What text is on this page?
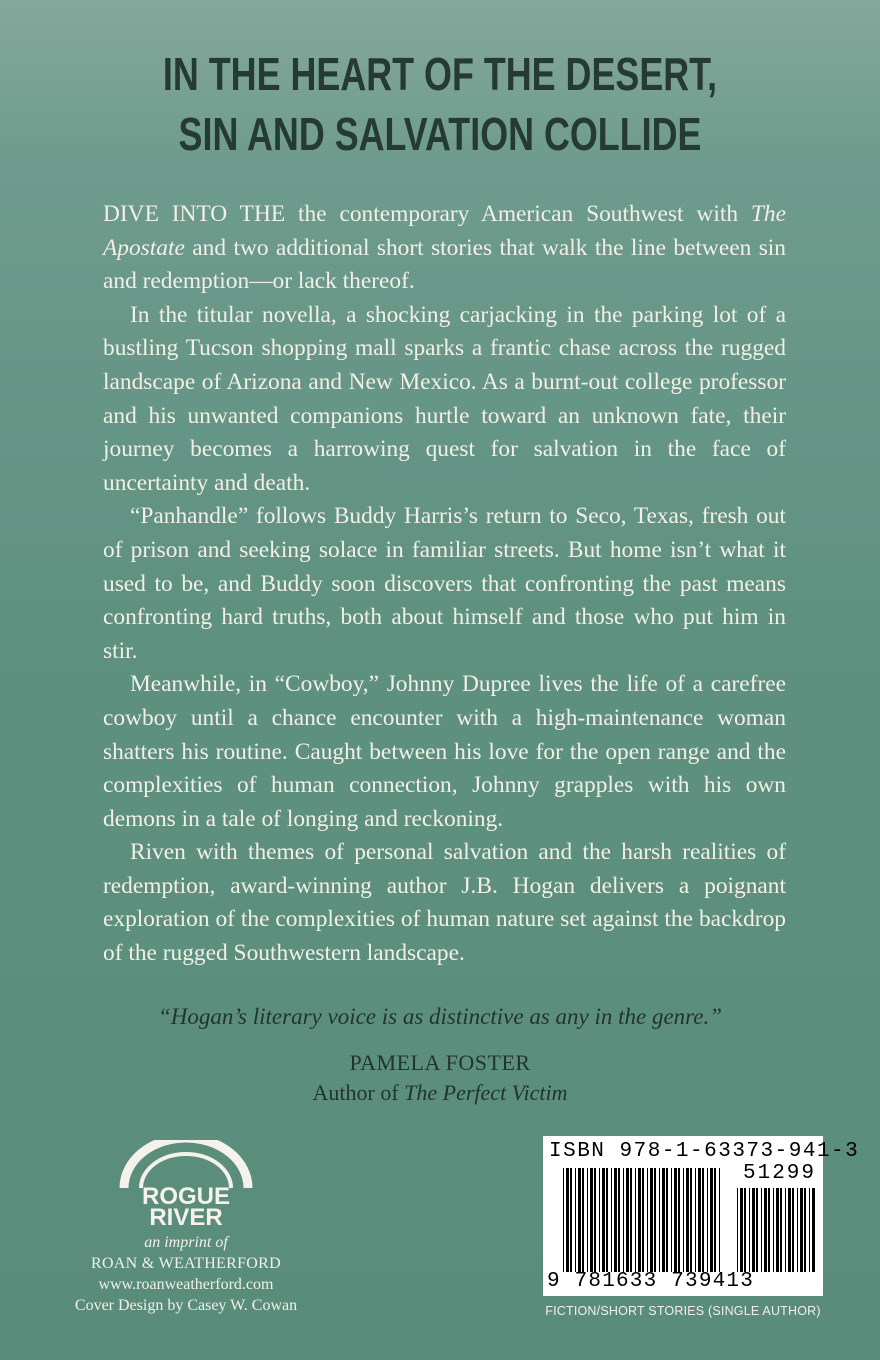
IN THE HEART OF THE DESERT,
SIN AND SALVATION COLLIDE

DIVE INTO THE the contemporary American Southwest with The Apostate and two additional short stories that walk the line between sin and redemption—or lack thereof.

In the titular novella, a shocking carjacking in the parking lot of a bustling Tucson shopping mall sparks a frantic chase across the rugged landscape of Arizona and New Mexico. As a burnt-out college professor and his unwanted companions hurtle toward an unknown fate, their journey becomes a harrowing quest for salvation in the face of uncertainty and death.

“Panhandle” follows Buddy Harris’s return to Seco, Texas, fresh out of prison and seeking solace in familiar streets. But home isn’t what it used to be, and Buddy soon discovers that confronting the past means confronting hard truths, both about himself and those who put him in stir.

Meanwhile, in “Cowboy,” Johnny Dupree lives the life of a carefree cowboy until a chance encounter with a high-maintenance woman shatters his routine. Caught between his love for the open range and the complexities of human connection, Johnny grapples with his own demons in a tale of longing and reckoning.

Riven with themes of personal salvation and the harsh realities of redemption, award-winning author J.B. Hogan delivers a poignant exploration of the complexities of human nature set against the backdrop of the rugged Southwestern landscape.

“Hogan’s literary voice is as distinctive as any in the genre.”
PAMELA FOSTER
Author of The Perfect Victim
ROGUE
RIVER
an imprint of
ROAN & WEATHERFORD
www.roanweatherford.com
Cover Design by Casey W. Cowan
ISBN 978-1-63373-941-3
51299
9 781633 739413
FICTION/SHORT STORIES (SINGLE AUTHOR)
